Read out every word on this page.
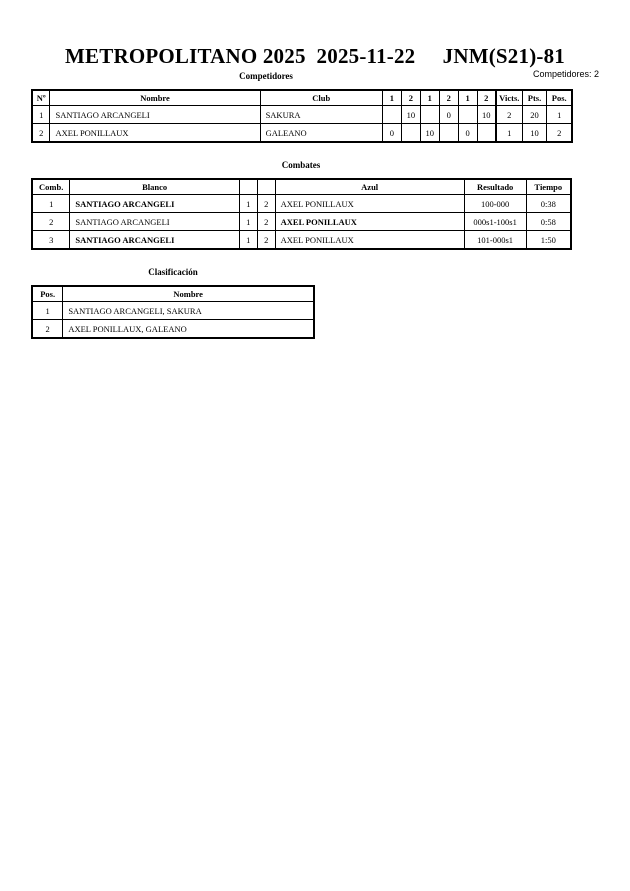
METROPOLITANO 2025  2025-11-22     JNM(S21)-81
Competidores: 2
Competidores
Nº	Nombre	Club	1	2	1	2	1	2	Victs.	Pts.	Pos.
1	SANTIAGO ARCANGELI	SAKURA		10		0		10	2	20	1
2	AXEL PONILLAUX	GALEANO	0		10		0		1	10	2
Combates
Comb.	Blanco			Azul	Resultado	Tiempo
1	SANTIAGO ARCANGELI	1	2	AXEL PONILLAUX	100-000	0:38
2	SANTIAGO ARCANGELI	1	2	AXEL PONILLAUX	000s1-100s1	0:58
3	SANTIAGO ARCANGELI	1	2	AXEL PONILLAUX	101-000s1	1:50
Clasificación
Pos.	Nombre
1	SANTIAGO ARCANGELI, SAKURA
2	AXEL PONILLAUX, GALEANO
